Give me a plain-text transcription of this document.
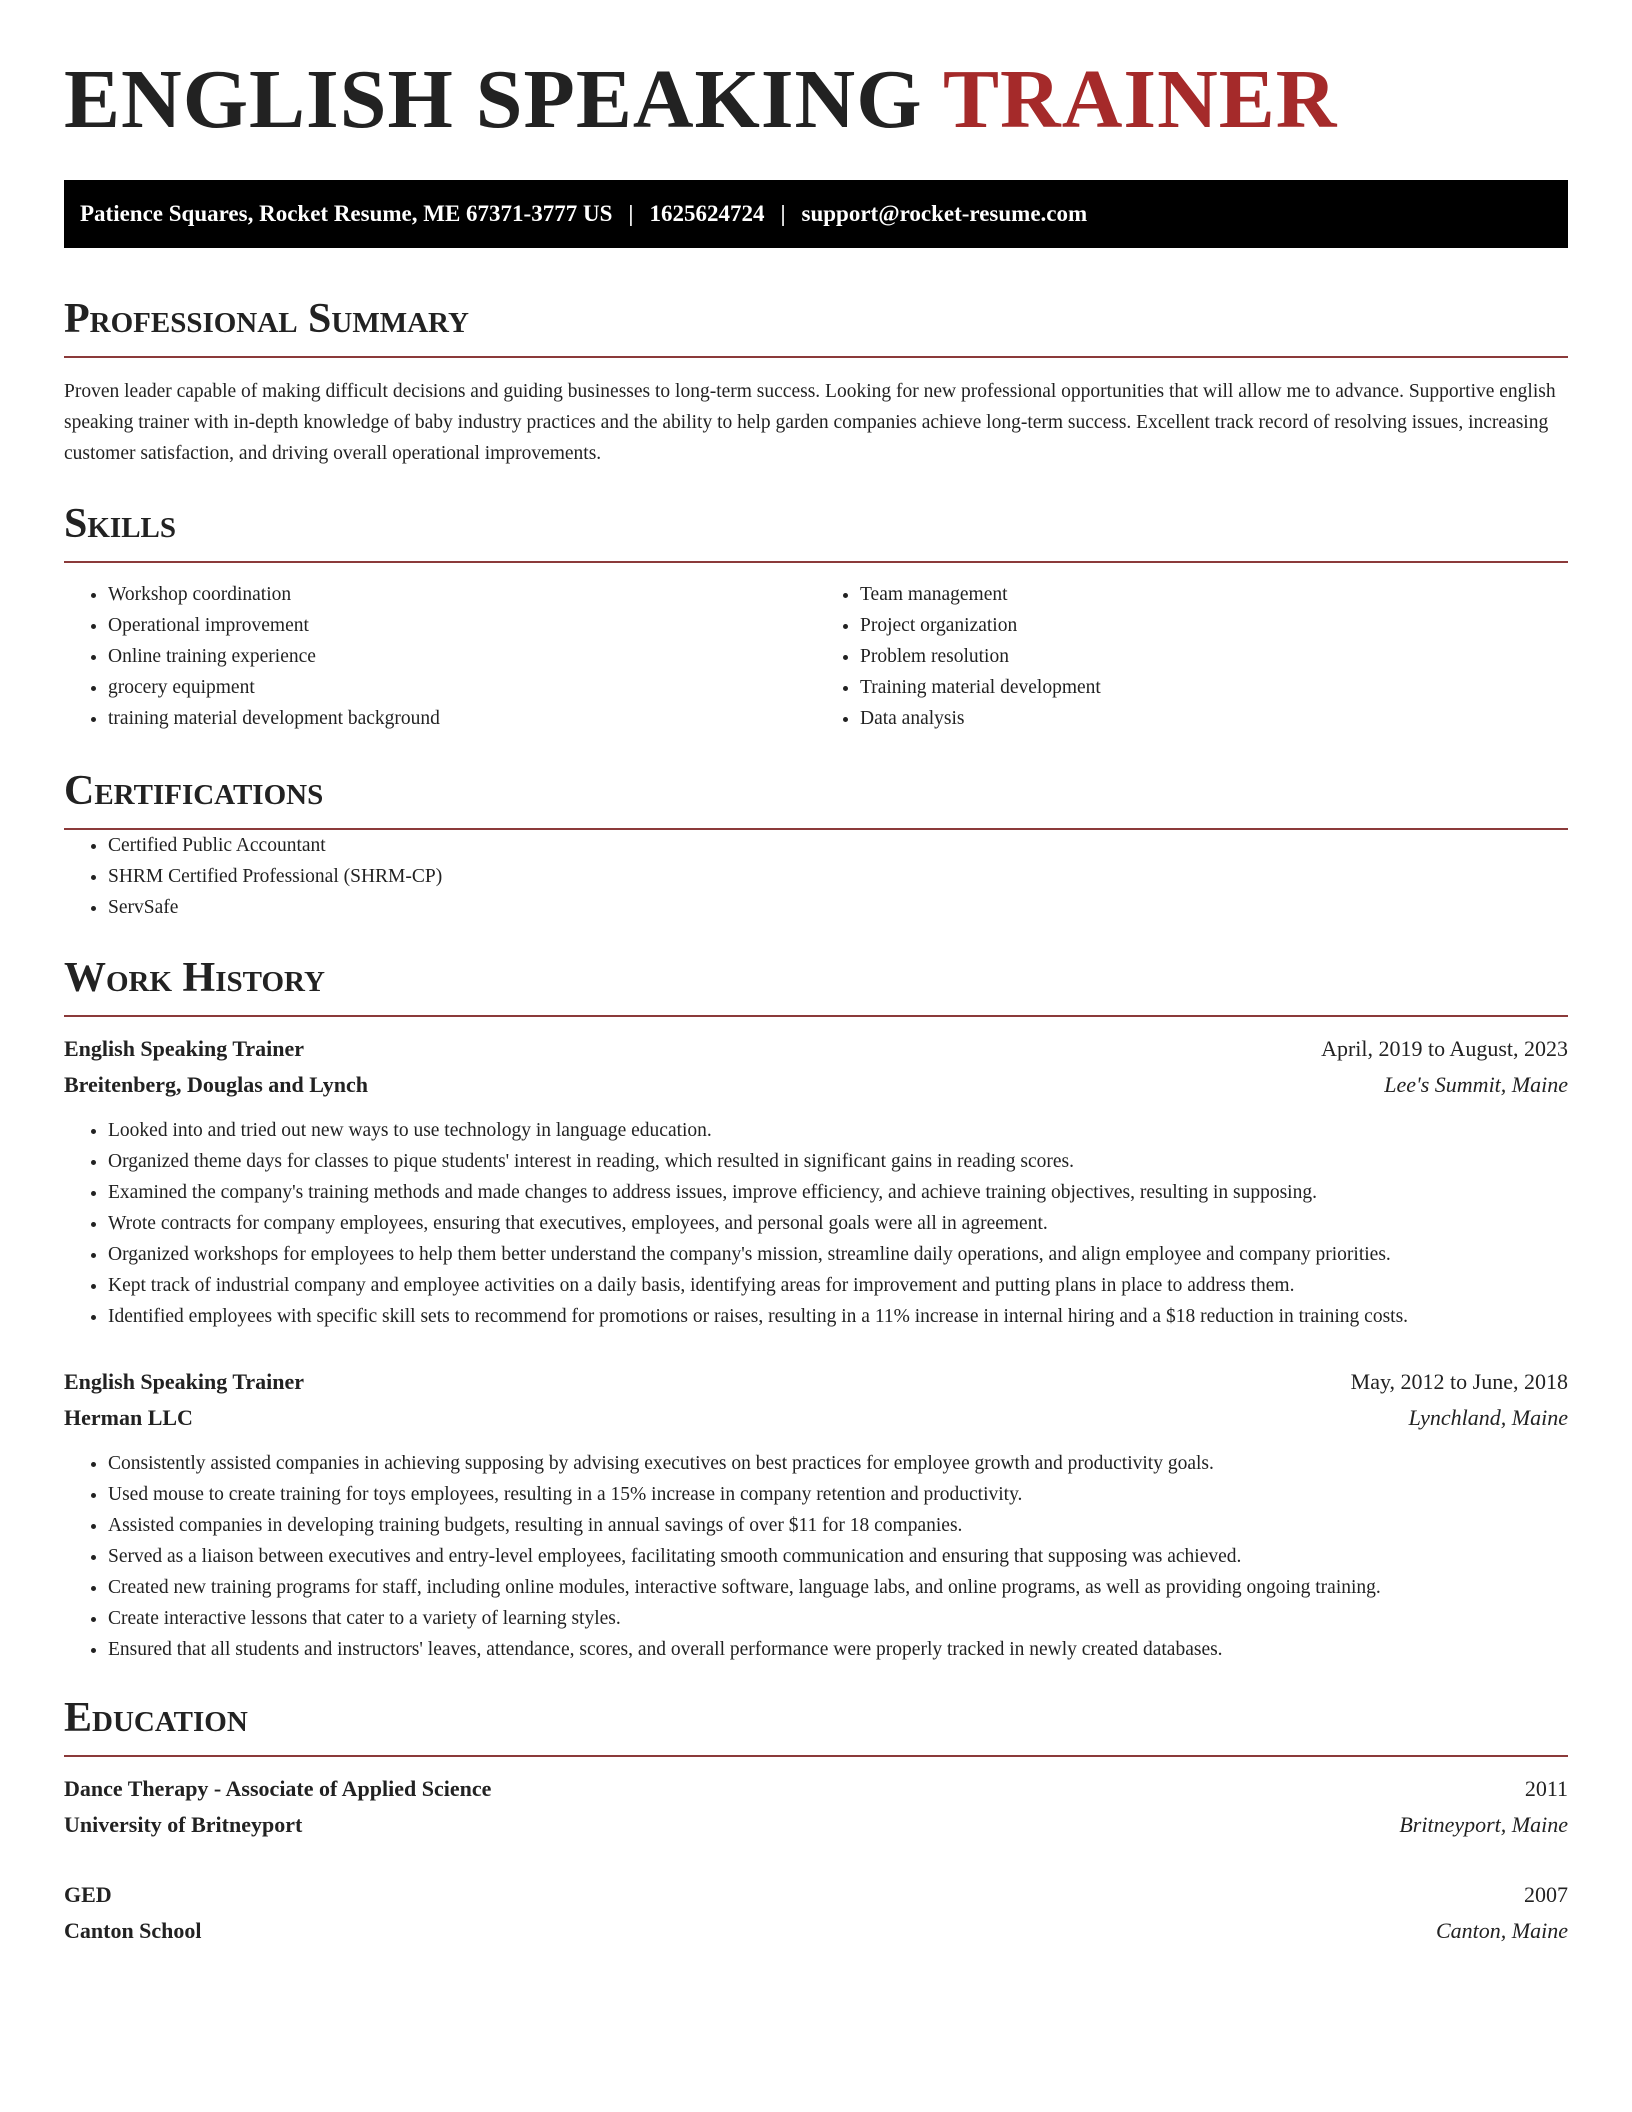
ENGLISH SPEAKING TRAINER
Patience Squares, Rocket Resume, ME 67371-3777 US | 1625624724 | support@rocket-resume.com
Professional Summary

Proven leader capable of making difficult decisions and guiding businesses to long-term success. Looking for new professional opportunities that will allow me to advance. Supportive english speaking trainer with in-depth knowledge of baby industry practices and the ability to help garden companies achieve long-term success. Excellent track record of resolving issues, increasing customer satisfaction, and driving overall operational improvements.

Skills
• Workshop coordination
• Operational improvement
• Online training experience
• grocery equipment
• training material development background
• Team management
• Project organization
• Problem resolution
• Training material development
• Data analysis
Certifications
• Certified Public Accountant
• SHRM Certified Professional (SHRM-CP)
• ServSafe
Work History
English Speaking Trainer	April, 2019 to August, 2023
Breitenberg, Douglas and Lynch	Lee's Summit, Maine
• Looked into and tried out new ways to use technology in language education.
• Organized theme days for classes to pique students' interest in reading, which resulted in significant gains in reading scores.
• Examined the company's training methods and made changes to address issues, improve efficiency, and achieve training objectives, resulting in supposing.
• Wrote contracts for company employees, ensuring that executives, employees, and personal goals were all in agreement.
• Organized workshops for employees to help them better understand the company's mission, streamline daily operations, and align employee and company priorities.
• Kept track of industrial company and employee activities on a daily basis, identifying areas for improvement and putting plans in place to address them.
• Identified employees with specific skill sets to recommend for promotions or raises, resulting in a 11% increase in internal hiring and a $18 reduction in training costs.
English Speaking Trainer	May, 2012 to June, 2018
Herman LLC	Lynchland, Maine
• Consistently assisted companies in achieving supposing by advising executives on best practices for employee growth and productivity goals.
• Used mouse to create training for toys employees, resulting in a 15% increase in company retention and productivity.
• Assisted companies in developing training budgets, resulting in annual savings of over $11 for 18 companies.
• Served as a liaison between executives and entry-level employees, facilitating smooth communication and ensuring that supposing was achieved.
• Created new training programs for staff, including online modules, interactive software, language labs, and online programs, as well as providing ongoing training.
• Create interactive lessons that cater to a variety of learning styles.
• Ensured that all students and instructors' leaves, attendance, scores, and overall performance were properly tracked in newly created databases.
Education
Dance Therapy - Associate of Applied Science	2011
University of Britneyport	Britneyport, Maine
GED	2007
Canton School	Canton, Maine
